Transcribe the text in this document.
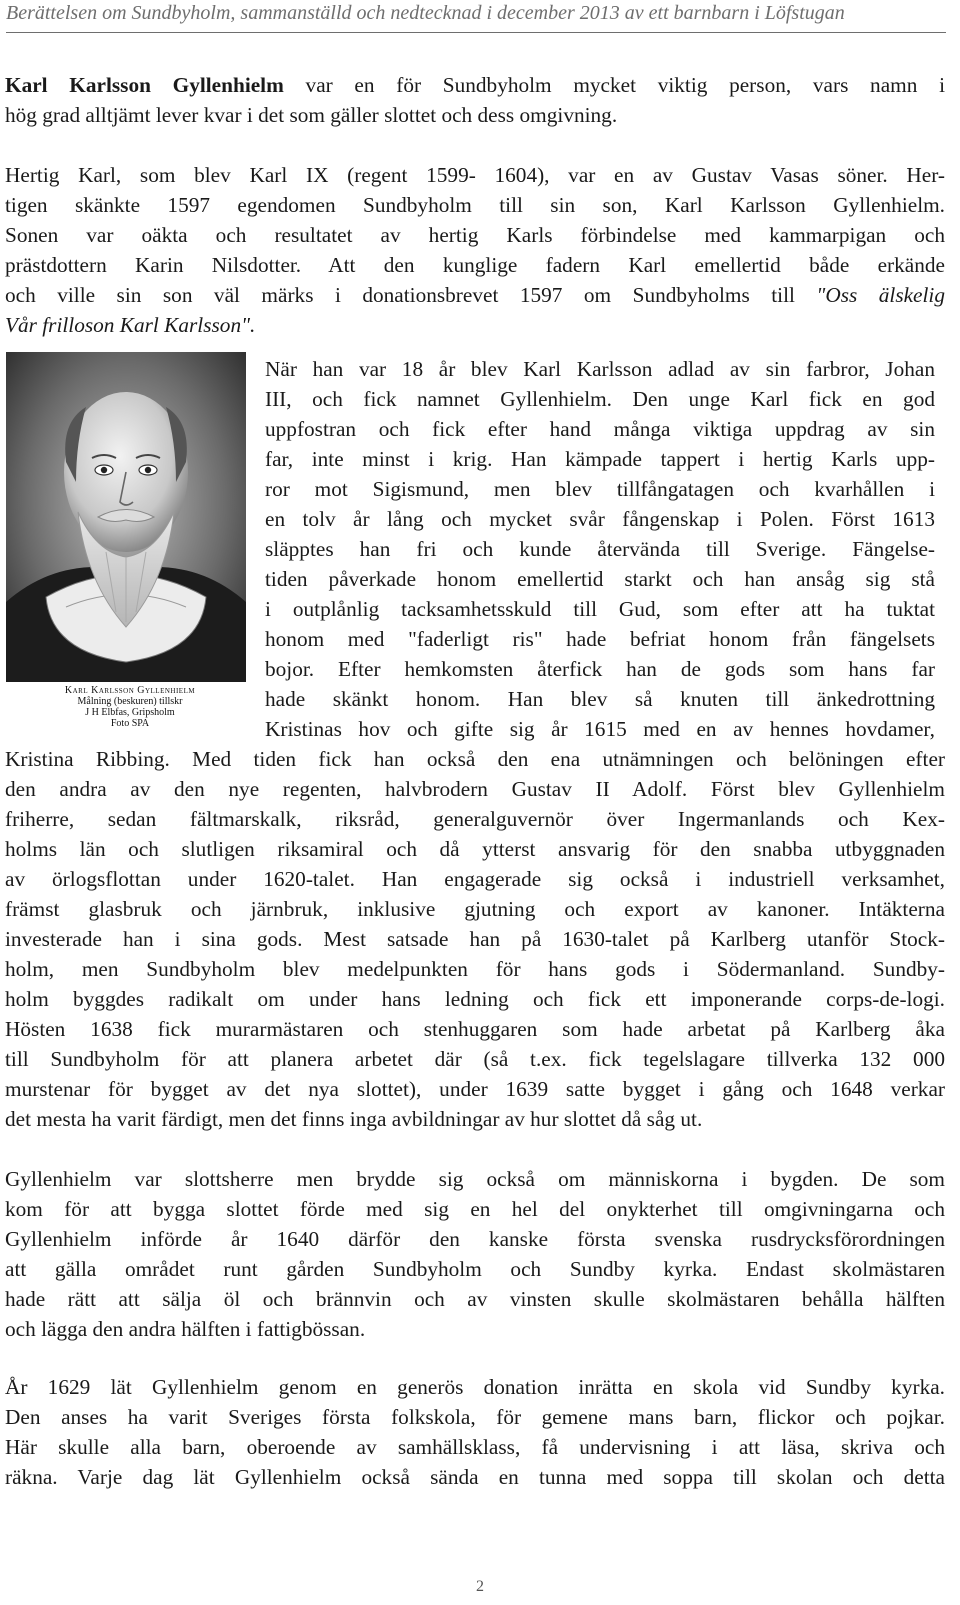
Berättelsen om Sundbyholm, sammanställd och nedtecknad i december 2013 av ett barnbarn i Löfstugan
Karl Karlsson Gyllenhielm var en för Sundbyholm mycket viktig person, vars namn i
hög grad alltjämt lever kvar i det som gäller slottet och dess omgivning.
Hertig Karl, som blev Karl IX (regent 1599- 1604), var en av Gustav Vasas söner. Her-
tigen skänkte 1597 egendomen Sundbyholm till sin son, Karl Karlsson Gyllenhielm.
Sonen var oäkta och resultatet av hertig Karls förbindelse med kammarpigan och
prästdottern Karin Nilsdotter. Att den kunglige fadern Karl emellertid både erkände
och ville sin son väl märks i donationsbrevet 1597 om Sundbyholms till "Oss älskelig
Vår frilloson Karl Karlsson".
Karl Karlsson Gyllenhielm
Målning (beskuren) tillskr
J H Elbfas, Gripsholm
Foto SPA
När han var 18 år blev Karl Karlsson adlad av sin farbror, Johan
III, och fick namnet Gyllenhielm. Den unge Karl fick en god
uppfostran och fick efter hand många viktiga uppdrag av sin
far, inte minst i krig. Han kämpade tappert i hertig Karls upp-
ror mot Sigismund, men blev tillfångatagen och kvarhållen i
en tolv år lång och mycket svår fångenskap i Polen. Först 1613
släpptes han fri och kunde återvända till Sverige. Fängelse-
tiden påverkade honom emellertid starkt och han ansåg sig stå
i outplånlig tacksamhetsskuld till Gud, som efter att ha tuktat
honom med "faderligt ris" hade befriat honom från fängelsets
bojor. Efter hemkomsten återfick han de gods som hans far
hade skänkt honom. Han blev så knuten till änkedrottning
Kristinas hov och gifte sig år 1615 med en av hennes hovdamer,
Kristina Ribbing. Med tiden fick han också den ena utnämningen och belöningen efter
den andra av den nye regenten, halvbrodern Gustav II Adolf. Först blev Gyllenhielm
friherre, sedan fältmarskalk, riksråd, generalguvernör över Ingermanlands och Kex-
holms län och slutligen riksamiral och då ytterst ansvarig för den snabba utbyggnaden
av örlogsflottan under 1620-talet. Han engagerade sig också i industriell verksamhet,
främst glasbruk och järnbruk, inklusive gjutning och export av kanoner. Intäkterna
investerade han i sina gods. Mest satsade han på 1630-talet på Karlberg utanför Stock-
holm, men Sundbyholm blev medelpunkten för hans gods i Södermanland. Sundby-
holm byggdes radikalt om under hans ledning och fick ett imponerande corps-de-logi.
Hösten 1638 fick murarmästaren och stenhuggaren som hade arbetat på Karlberg åka
till Sundbyholm för att planera arbetet där (så t.ex. fick tegelslagare tillverka 132 000
murstenar för bygget av det nya slottet), under 1639 satte bygget i gång och 1648 verkar
det mesta ha varit färdigt, men det finns inga avbildningar av hur slottet då såg ut.
Gyllenhielm var slottsherre men brydde sig också om människorna i bygden. De som
kom för att bygga slottet förde med sig en hel del onykterhet till omgivningarna och
Gyllenhielm införde år 1640 därför den kanske första svenska rusdrycksförordningen
att gälla området runt gården Sundbyholm och Sundby kyrka. Endast skolmästaren
hade rätt att sälja öl och brännvin och av vinsten skulle skolmästaren behålla hälften
och lägga den andra hälften i fattigbössan.
År 1629 lät Gyllenhielm genom en generös donation inrätta en skola vid Sundby kyrka.
Den anses ha varit Sveriges första folkskola, för gemene mans barn, flickor och pojkar.
Här skulle alla barn, oberoende av samhällsklass, få undervisning i att läsa, skriva och
räkna. Varje dag lät Gyllenhielm också sända en tunna med soppa till skolan och detta
2
